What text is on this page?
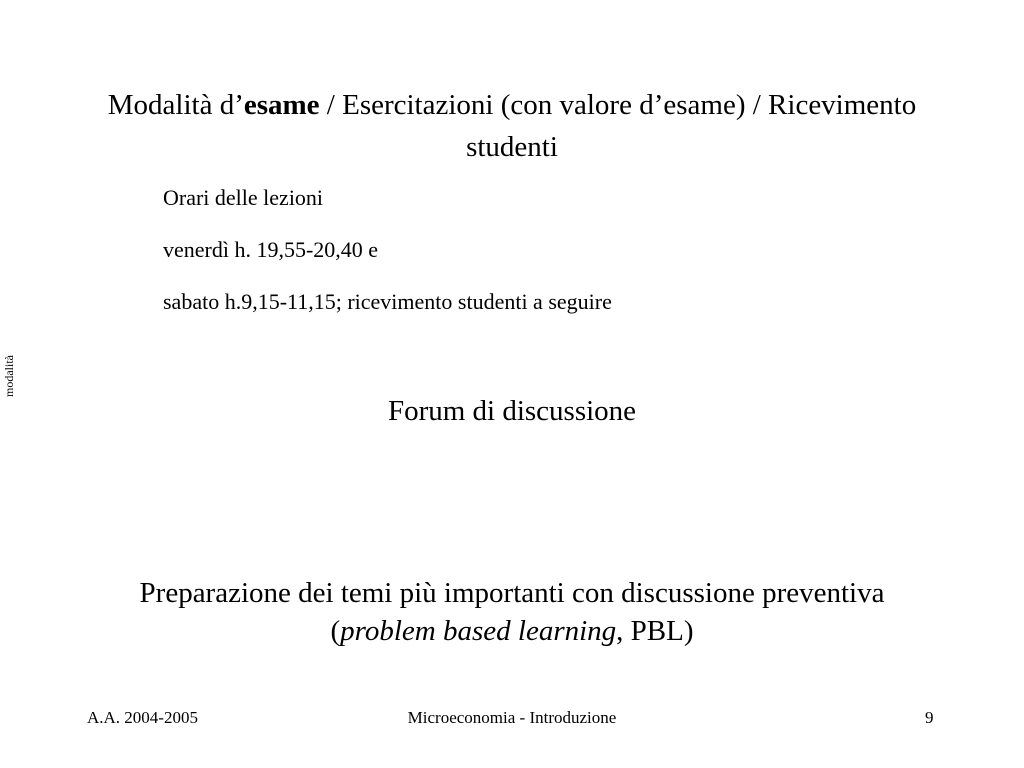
Modalità d’esame / Esercitazioni (con valore d’esame) / Ricevimento
studenti
Orari delle lezioni
venerdì h. 19,55-20,40 e
sabato h.9,15-11,15; ricevimento studenti a seguire
modalità
Forum di discussione
Preparazione dei temi più importanti con discussione preventiva
(problem based learning, PBL)
A.A. 2004-2005	Microeconomia - Introduzione	9
